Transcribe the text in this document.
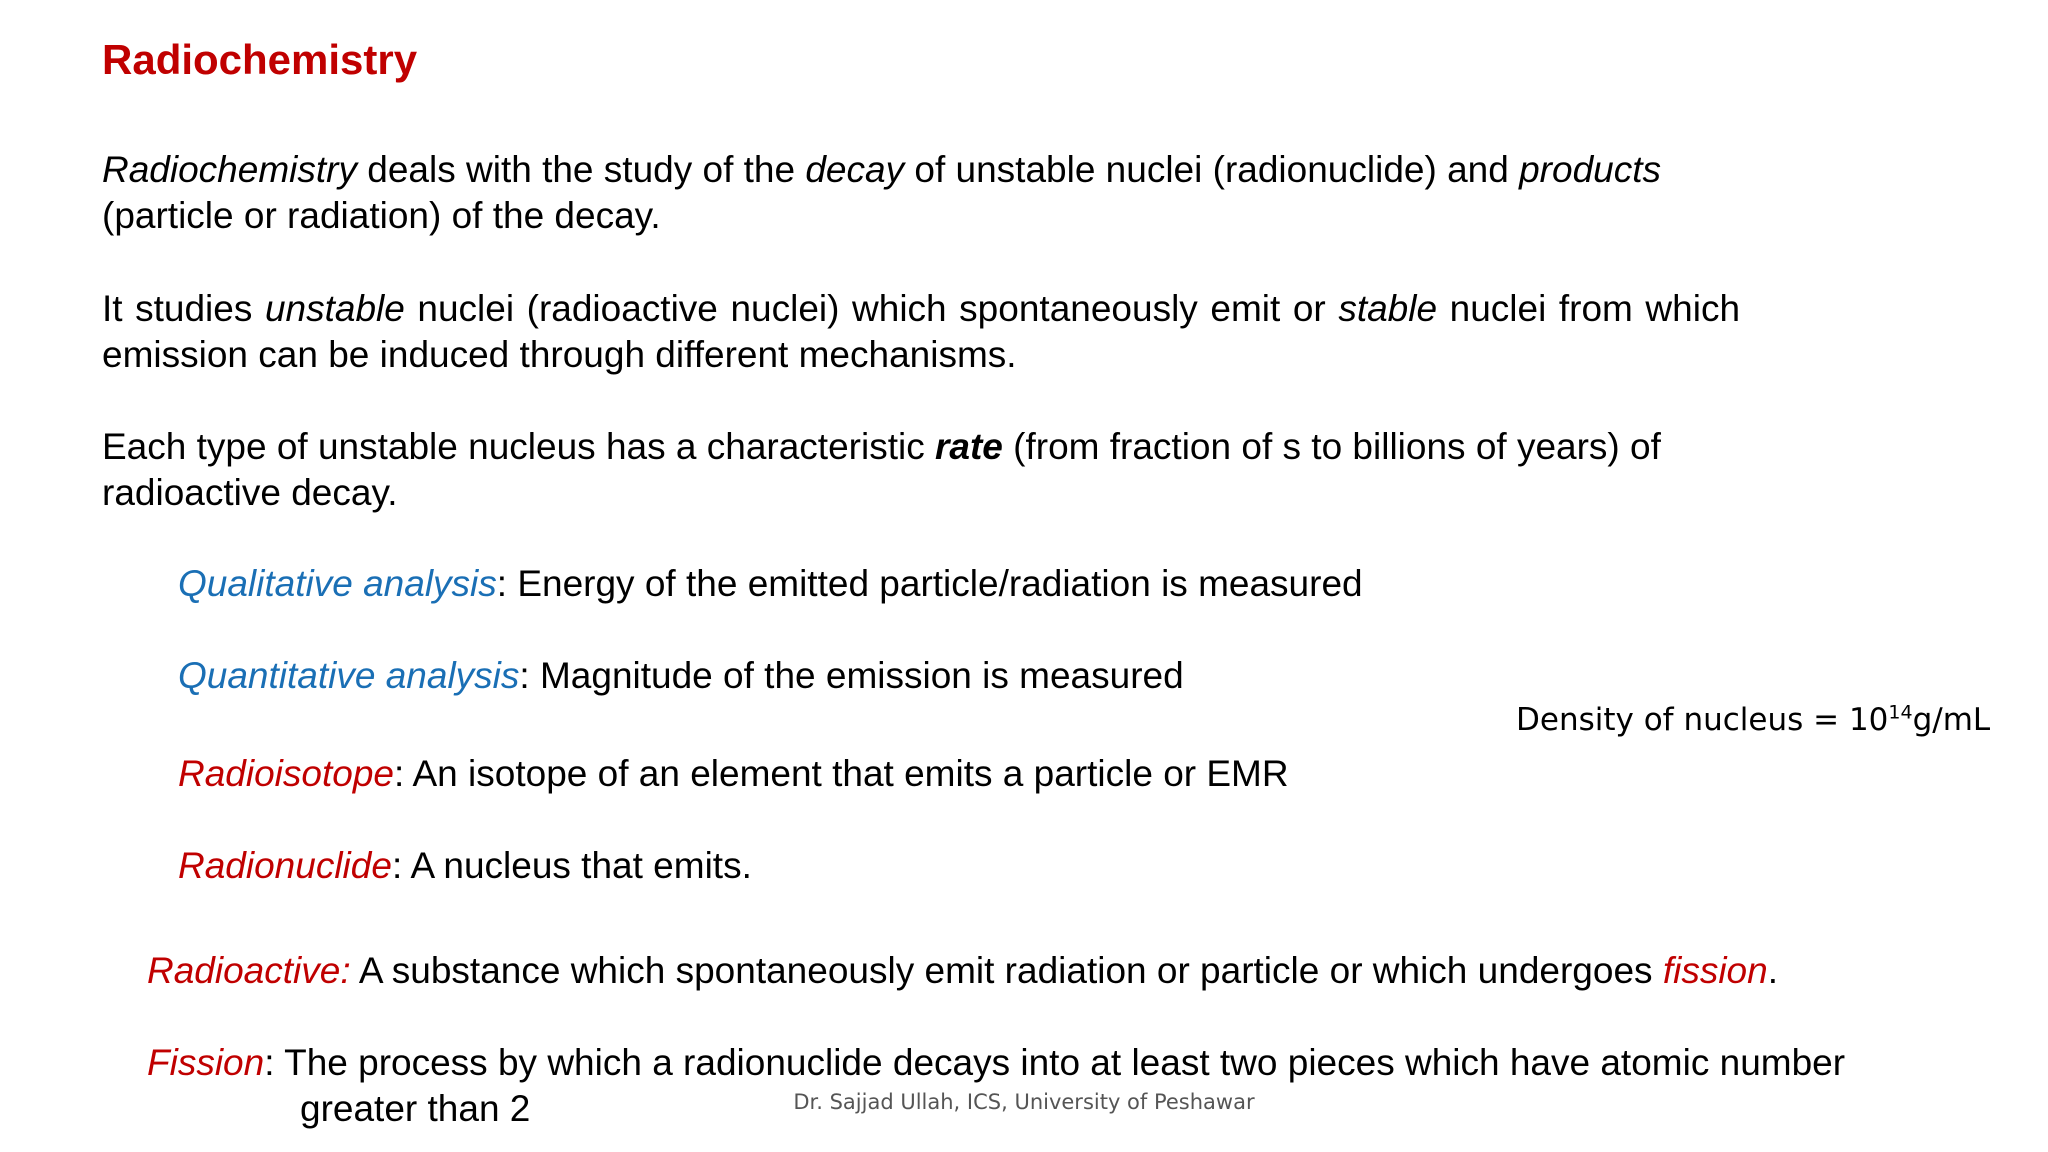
Radiochemistry
Radiochemistry deals with the study of the decay of unstable nuclei (radionuclide) and products (particle or radiation) of the decay.
It studies unstable nuclei (radioactive nuclei) which spontaneously emit or stable nuclei from which emission can be induced through different mechanisms.
Each type of unstable nucleus has a characteristic rate (from fraction of s to billions of years) of radioactive decay.
Qualitative analysis: Energy of the emitted particle/radiation is measured
Quantitative analysis: Magnitude of the emission is measured
Density of nucleus = $10^{14}g/mL$
Radioisotope: An isotope of an element that emits a particle or EMR
Radionuclide: A nucleus that emits.
Radioactive: A substance which spontaneously emit radiation or particle or which undergoes fission.
Fission: The process by which a radionuclide decays into at least two pieces which have atomic number
greater than 2	Dr. Sajjad Ullah, ICS, University of Peshawar
